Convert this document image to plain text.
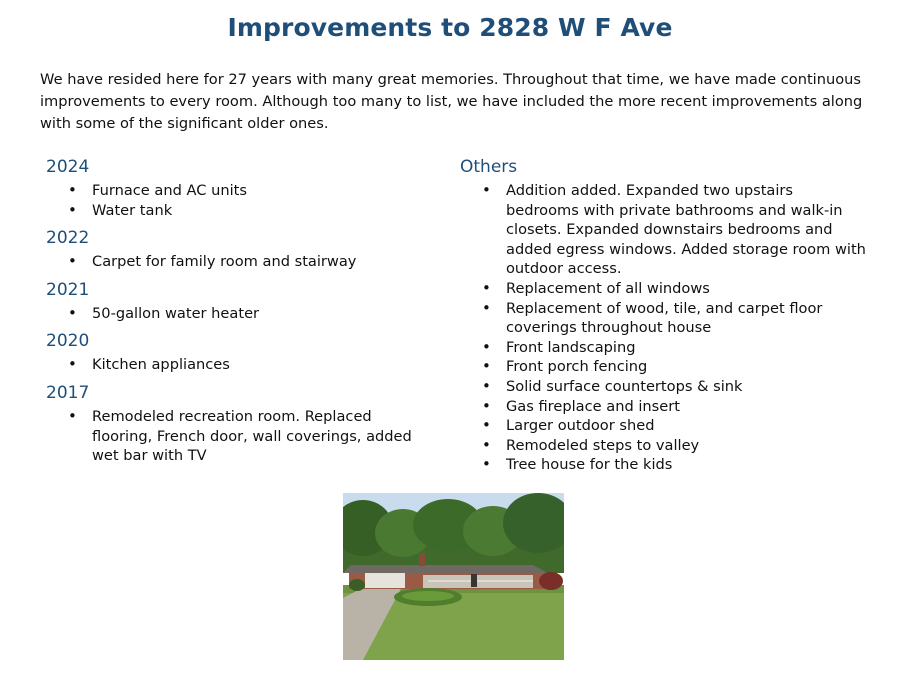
Improvements to 2828 W F Ave

We have resided here for 27 years with many great memories. Throughout that time, we have made continuous improvements to every room. Although too many to list, we have included the more recent improvements along with some of the significant older ones.

2024
• Furnace and AC units
• Water tank
2022
• Carpet for family room and stairway
2021
• 50-gallon water heater
2020
• Kitchen appliances
2017
• Remodeled recreation room. Replaced flooring, French door, wall coverings, added wet bar with TV
Others
• Addition added. Expanded two upstairs bedrooms with private bathrooms and walk-in closets. Expanded downstairs bedrooms and added egress windows. Added storage room with outdoor access.
• Replacement of all windows
• Replacement of wood, tile, and carpet floor coverings throughout house
• Front landscaping
• Front porch fencing
• Solid surface countertops & sink
• Gas fireplace and insert
• Larger outdoor shed
• Remodeled steps to valley
• Tree house for the kids
